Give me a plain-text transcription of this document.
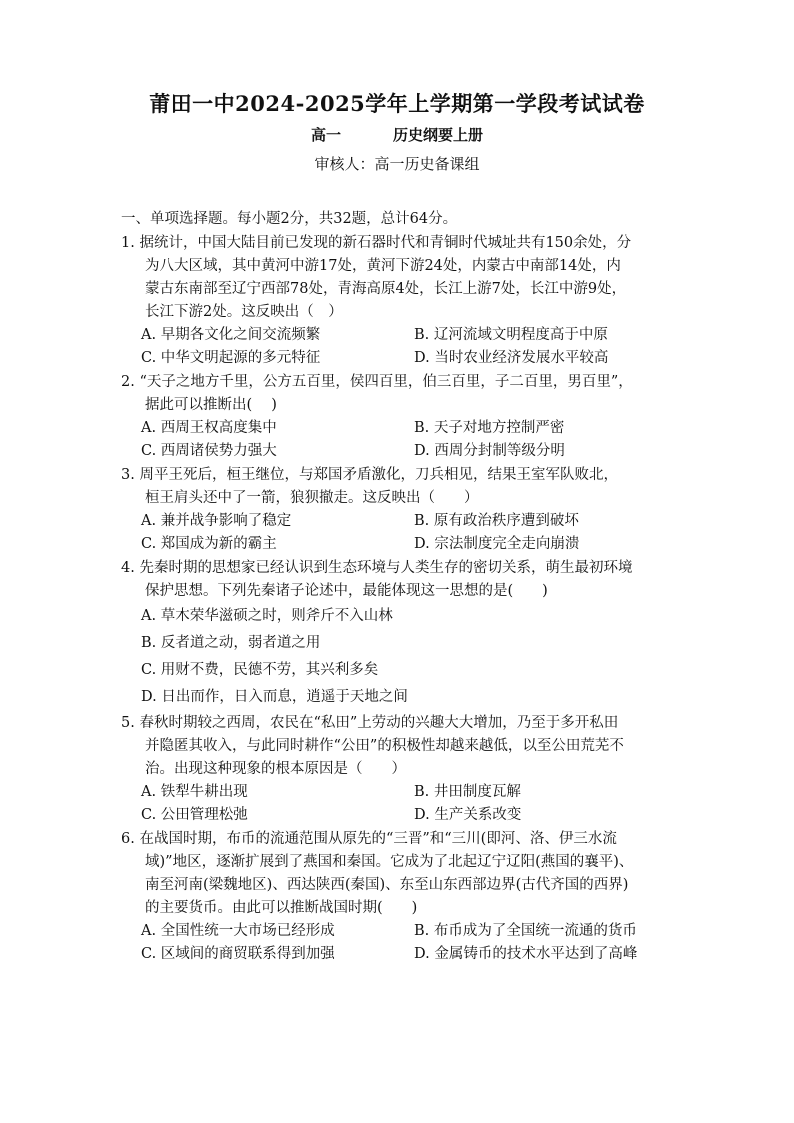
莆田一中2024-2025学年上学期第一学段考试试卷
高一	历史纲要上册
审核人：高一历史备课组
一、单项选择题。每小题2分，共32题，总计64分。
1. 据统计，中国大陆目前已发现的新石器时代和青铜时代城址共有150余处，分
为八大区域，其中黄河中游17处，黄河下游24处，内蒙古中南部14处，内
蒙古东南部至辽宁西部78处，青海高原4处，长江上游7处，长江中游9处，
长江下游2处。这反映出（　）
A. 早期各文化之间交流频繁	B. 辽河流域文明程度高于中原
C. 中华文明起源的多元特征	D. 当时农业经济发展水平较高
2. “天子之地方千里，公方五百里，侯四百里，伯三百里，子二百里，男百里”，
据此可以推断出(　 )
A. 西周王权高度集中	B. 天子对地方控制严密
C. 西周诸侯势力强大	D. 西周分封制等级分明
3. 周平王死后，桓王继位，与郑国矛盾激化，刀兵相见，结果王室军队败北，
桓王肩头还中了一箭，狼狈撤走。这反映出（　　）
A. 兼并战争影响了稳定	B. 原有政治秩序遭到破坏
C. 郑国成为新的霸主	D. 宗法制度完全走向崩溃
4. 先秦时期的思想家已经认识到生态环境与人类生存的密切关系，萌生最初环境
保护思想。下列先秦诸子论述中，最能体现这一思想的是(　　)
A. 草木荣华滋硕之时，则斧斤不入山林
B. 反者道之动，弱者道之用
C. 用财不费，民德不劳，其兴利多矣
D. 日出而作，日入而息，逍遥于天地之间
5. 春秋时期较之西周，农民在“私田”上劳动的兴趣大大增加，乃至于多开私田
并隐匿其收入，与此同时耕作“公田”的积极性却越来越低，以至公田荒芜不
治。出现这种现象的根本原因是（　　）
A. 铁犁牛耕出现	B. 井田制度瓦解
C. 公田管理松弛	D. 生产关系改变
6. 在战国时期，布币的流通范围从原先的“三晋”和“三川(即河、洛、伊三水流
域)”地区，逐渐扩展到了燕国和秦国。它成为了北起辽宁辽阳(燕国的襄平)、
南至河南(梁魏地区)、西达陕西(秦国)、东至山东西部边界(古代齐国的西界)
的主要货币。由此可以推断战国时期(　　)
A. 全国性统一大市场已经形成	B. 布币成为了全国统一流通的货币
C. 区域间的商贸联系得到加强	D. 金属铸币的技术水平达到了高峰
